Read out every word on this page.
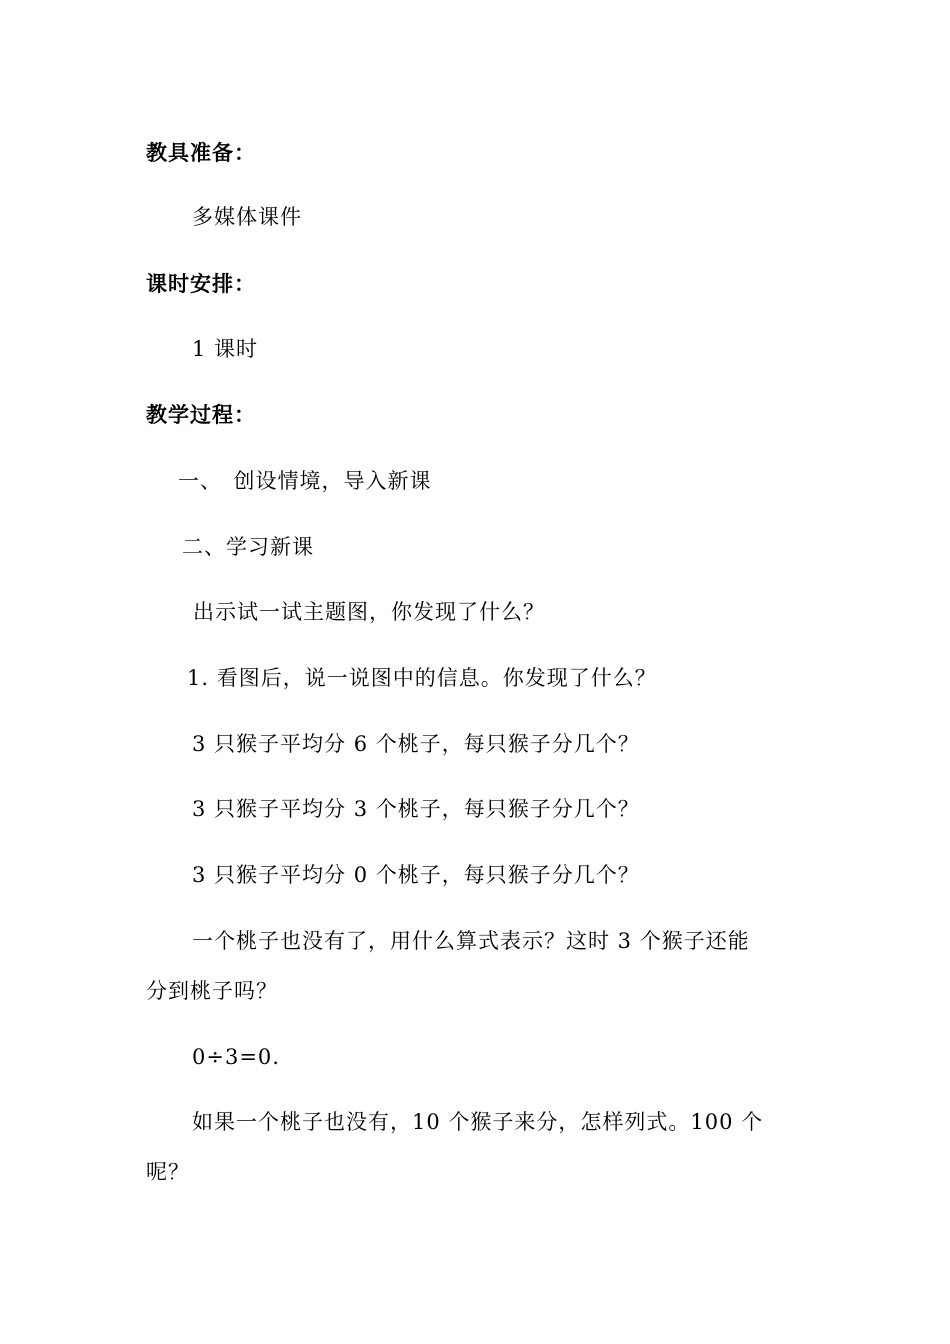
教具准备：
多媒体课件
课时安排：
1 课时
教学过程：
一、　创设情境，导入新课
二、学习新课
出示试一试主题图，你发现了什么？
1. 看图后，说一说图中的信息。你发现了什么？
3 只猴子平均分 6 个桃子，每只猴子分几个？
3 只猴子平均分 3 个桃子，每只猴子分几个？
3 只猴子平均分 0 个桃子，每只猴子分几个？
一个桃子也没有了，用什么算式表示？这时 3 个猴子还能
分到桃子吗？
0÷3=0.
如果一个桃子也没有，10 个猴子来分，怎样列式。100 个
呢？
